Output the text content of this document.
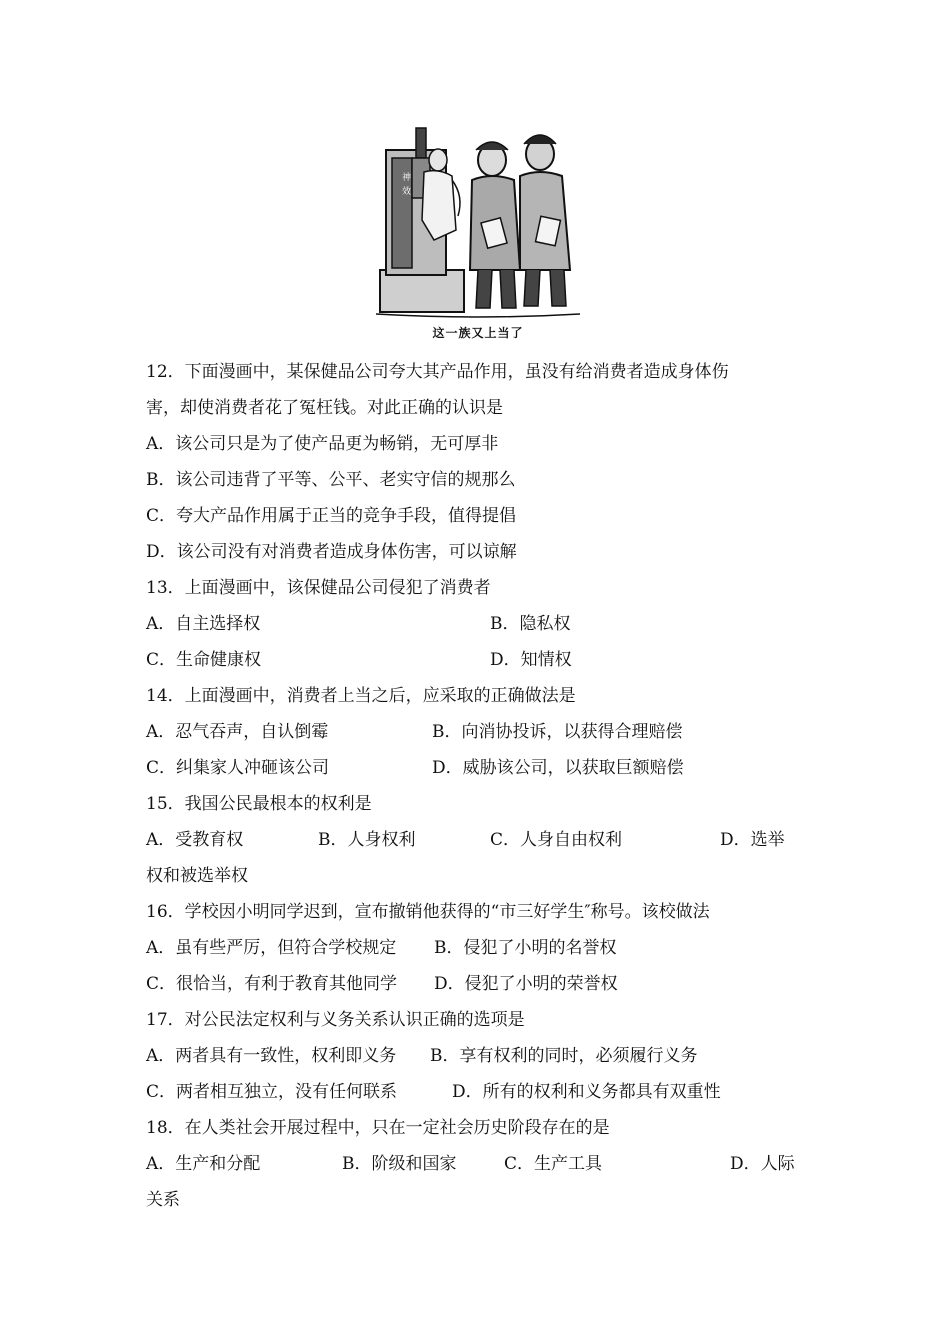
神
效
这一族又上当了
12．下面漫画中，某保健品公司夸大其产品作用，虽没有给消费者造成身体伤
害，却使消费者花了冤枉钱。对此正确的认识是
A．该公司只是为了使产品更为畅销，无可厚非
B．该公司违背了平等、公平、老实守信的规那么
C．夸大产品作用属于正当的竞争手段，值得提倡
D．该公司没有对消费者造成身体伤害，可以谅解
13．上面漫画中，该保健品公司侵犯了消费者
A．自主选择权	B．隐私权
C．生命健康权	D．知情权
14．上面漫画中，消费者上当之后，应采取的正确做法是
A．忍气吞声，自认倒霉	B．向消协投诉，以获得合理赔偿
C．纠集家人冲砸该公司	D．威胁该公司，以获取巨额赔偿
15．我国公民最根本的权利是
A．受教育权	B．人身权利	C．人身自由权利	D．选举
权和被选举权
16．学校因小明同学迟到，宣布撤销他获得的“市三好学生″称号。该校做法
A．虽有些严厉，但符合学校规定 B．侵犯了小明的名誉权
C．很恰当，有利于教育其他同学 D．侵犯了小明的荣誉权
17．对公民法定权利与义务关系认识正确的选项是
A．两者具有一致性，权利即义务 B．享有权利的同时，必须履行义务
C．两者相互独立，没有任何联系	D．所有的权利和义务都具有双重性
18．在人类社会开展过程中，只在一定社会历史阶段存在的是
A．生产和分配	B．阶级和国家	C．生产工具	D．人际
关系
